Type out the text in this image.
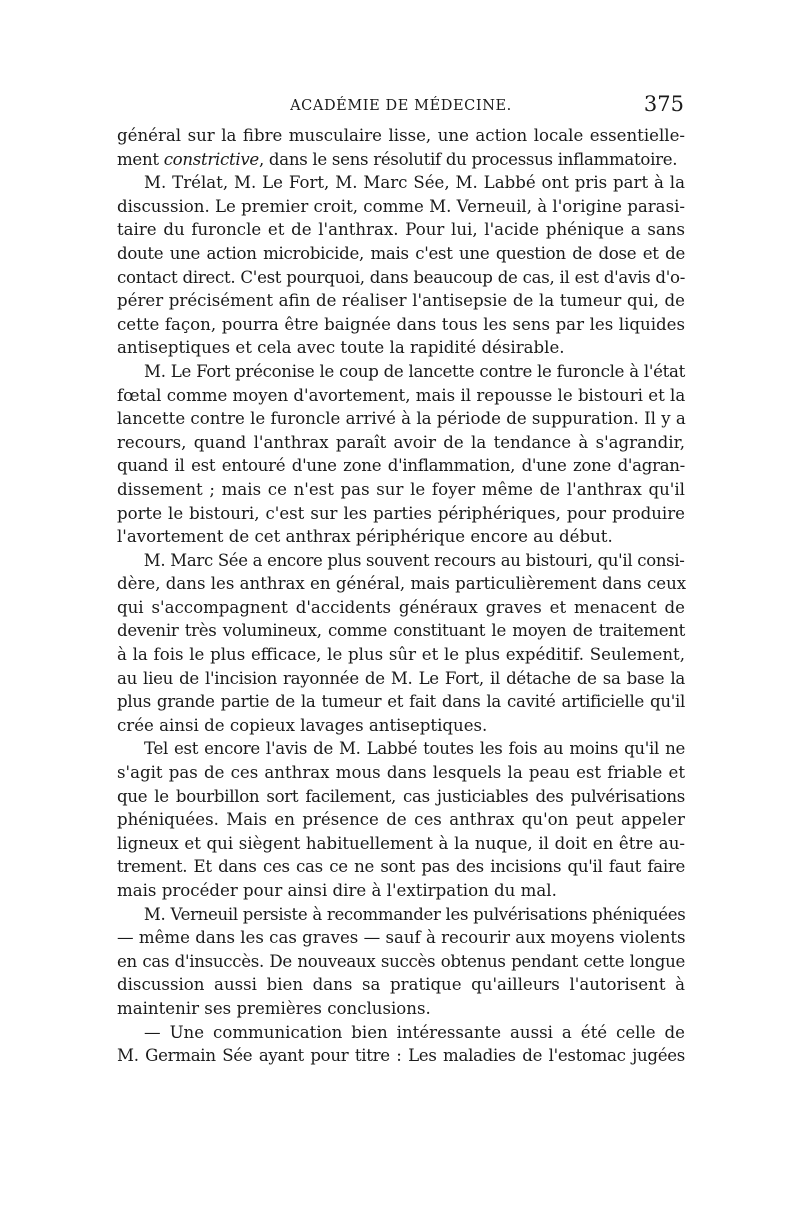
ACADÉMIE DE MÉDECINE.	375
général sur la fibre musculaire lisse, une action locale essentielle-
ment constrictive, dans le sens résolutif du processus inflammatoire.
M. Trélat, M. Le Fort, M. Marc Sée, M. Labbé ont pris part à la
discussion. Le premier croit, comme M. Verneuil, à l'origine parasi-
taire du furoncle et de l'anthrax. Pour lui, l'acide phénique a sans
doute une action microbicide, mais c'est une question de dose et de
contact direct. C'est pourquoi, dans beaucoup de cas, il est d'avis d'o-
pérer précisément afin de réaliser l'antisepsie de la tumeur qui, de
cette façon, pourra être baignée dans tous les sens par les liquides
antiseptiques et cela avec toute la rapidité désirable.
M. Le Fort préconise le coup de lancette contre le furoncle à l'état
fœtal comme moyen d'avortement, mais il repousse le bistouri et la
lancette contre le furoncle arrivé à la période de suppuration. Il y a
recours, quand l'anthrax paraît avoir de la tendance à s'agrandir,
quand il est entouré d'une zone d'inflammation, d'une zone d'agran-
dissement ; mais ce n'est pas sur le foyer même de l'anthrax qu'il
porte le bistouri, c'est sur les parties périphériques, pour produire
l'avortement de cet anthrax périphérique encore au début.
M. Marc Sée a encore plus souvent recours au bistouri, qu'il consi-
dère, dans les anthrax en général, mais particulièrement dans ceux
qui s'accompagnent d'accidents généraux graves et menacent de
devenir très volumineux, comme constituant le moyen de traitement
à la fois le plus efficace, le plus sûr et le plus expéditif. Seulement,
au lieu de l'incision rayonnée de M. Le Fort, il détache de sa base la
plus grande partie de la tumeur et fait dans la cavité artificielle qu'il
crée ainsi de copieux lavages antiseptiques.
Tel est encore l'avis de M. Labbé toutes les fois au moins qu'il ne
s'agit pas de ces anthrax mous dans lesquels la peau est friable et
que le bourbillon sort facilement, cas justiciables des pulvérisations
phéniquées. Mais en présence de ces anthrax qu'on peut appeler
ligneux et qui siègent habituellement à la nuque, il doit en être au-
trement. Et dans ces cas ce ne sont pas des incisions qu'il faut faire
mais procéder pour ainsi dire à l'extirpation du mal.
M. Verneuil persiste à recommander les pulvérisations phéniquées
— même dans les cas graves — sauf à recourir aux moyens violents
en cas d'insuccès. De nouveaux succès obtenus pendant cette longue
discussion aussi bien dans sa pratique qu'ailleurs l'autorisent à
maintenir ses premières conclusions.
— Une communication bien intéressante aussi a été celle de
M. Germain Sée ayant pour titre : Les maladies de l'estomac jugées
